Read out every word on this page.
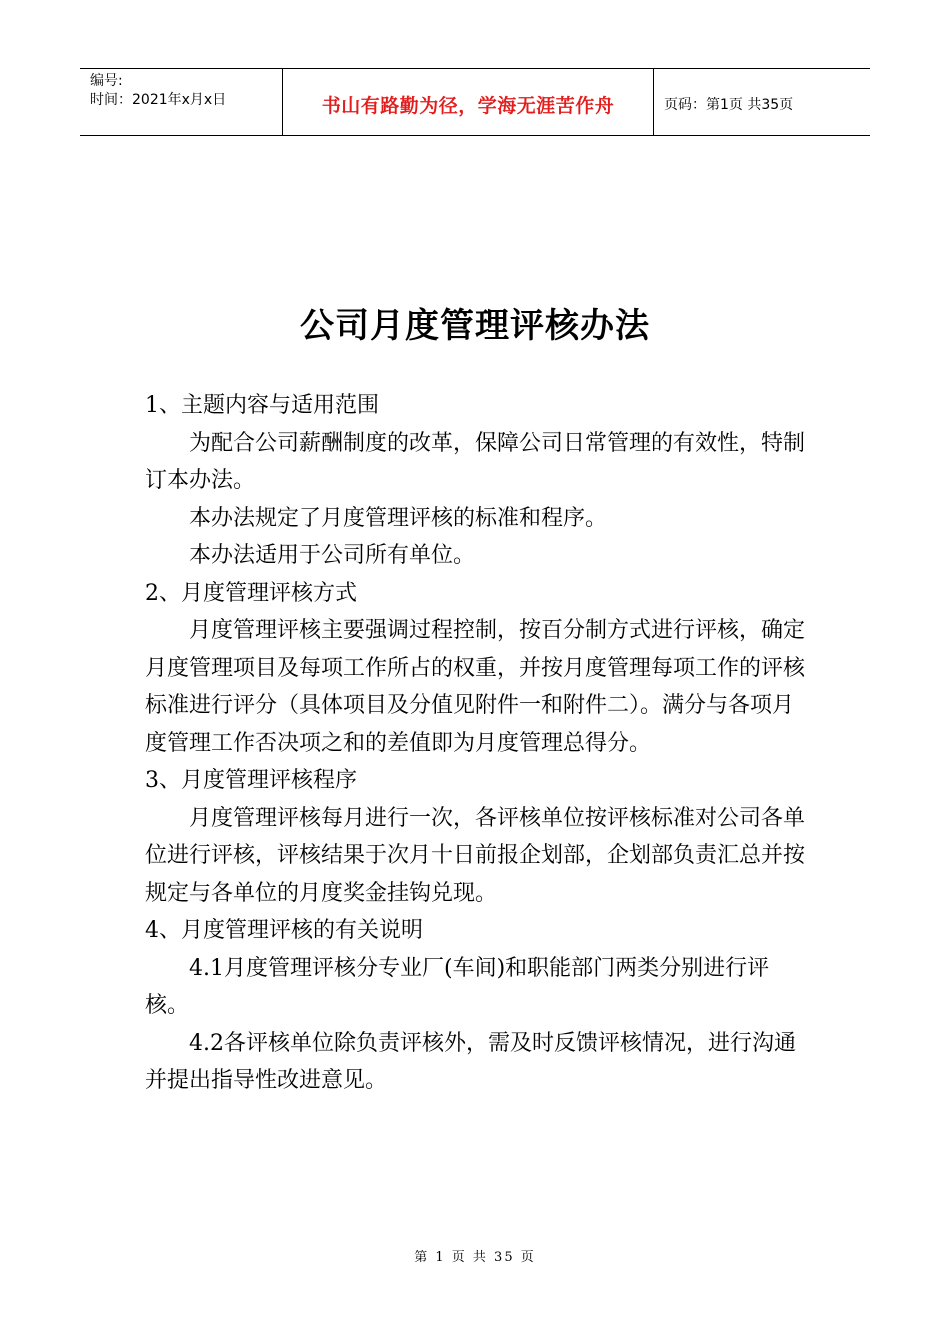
编号:
时间：2021年x月x日	书山有路勤为径，学海无涯苦作舟	页码：第1页 共35页
公司月度管理评核办法

1、主题内容与适用范围

为配合公司薪酬制度的改革，保障公司日常管理的有效性，特制订本办法。

本办法规定了月度管理评核的标准和程序。

本办法适用于公司所有单位。

2、月度管理评核方式

月度管理评核主要强调过程控制，按百分制方式进行评核，确定月度管理项目及每项工作所占的权重，并按月度管理每项工作的评核标准进行评分（具体项目及分值见附件一和附件二）。满分与各项月度管理工作否决项之和的差值即为月度管理总得分。

3、月度管理评核程序

月度管理评核每月进行一次，各评核单位按评核标准对公司各单位进行评核，评核结果于次月十日前报企划部，企划部负责汇总并按规定与各单位的月度奖金挂钩兑现。

4、月度管理评核的有关说明

4.1月度管理评核分专业厂(车间)和职能部门两类分别进行评核。

4.2各评核单位除负责评核外，需及时反馈评核情况，进行沟通并提出指导性改进意见。

第 1 页 共 35 页
